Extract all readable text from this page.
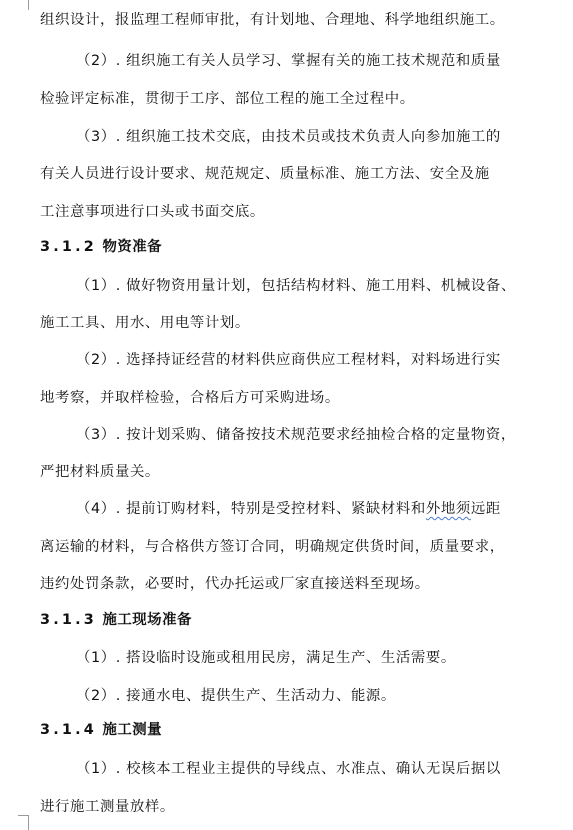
组织设计，报监理工程师审批，有计划地、合理地、科学地组织施工。
（2）. 组织施工有关人员学习、掌握有关的施工技术规范和质量
检验评定标准，贯彻于工序、部位工程的施工全过程中。
（3）. 组织施工技术交底，由技术员或技术负责人向参加施工的
有关人员进行设计要求、规范规定、质量标准、施工方法、安全及施
工注意事项进行口头或书面交底。
3.1.2 物资准备
（1）. 做好物资用量计划，包括结构材料、施工用料、机械设备、
施工工具、用水、用电等计划。
（2）. 选择持证经营的材料供应商供应工程材料，对料场进行实
地考察，并取样检验，合格后方可采购进场。
（3）. 按计划采购、储备按技术规范要求经抽检合格的定量物资，
严把材料质量关。
（4）. 提前订购材料，特别是受控材料、紧缺材料和外地须远距
离运输的材料，与合格供方签订合同，明确规定供货时间，质量要求，
违约处罚条款，必要时，代办托运或厂家直接送料至现场。
3.1.3 施工现场准备
（1）. 搭设临时设施或租用民房，满足生产、生活需要。
（2）. 接通水电、提供生产、生活动力、能源。
3.1.4 施工测量
（1）. 校核本工程业主提供的导线点、水准点、确认无误后据以
进行施工测量放样。
